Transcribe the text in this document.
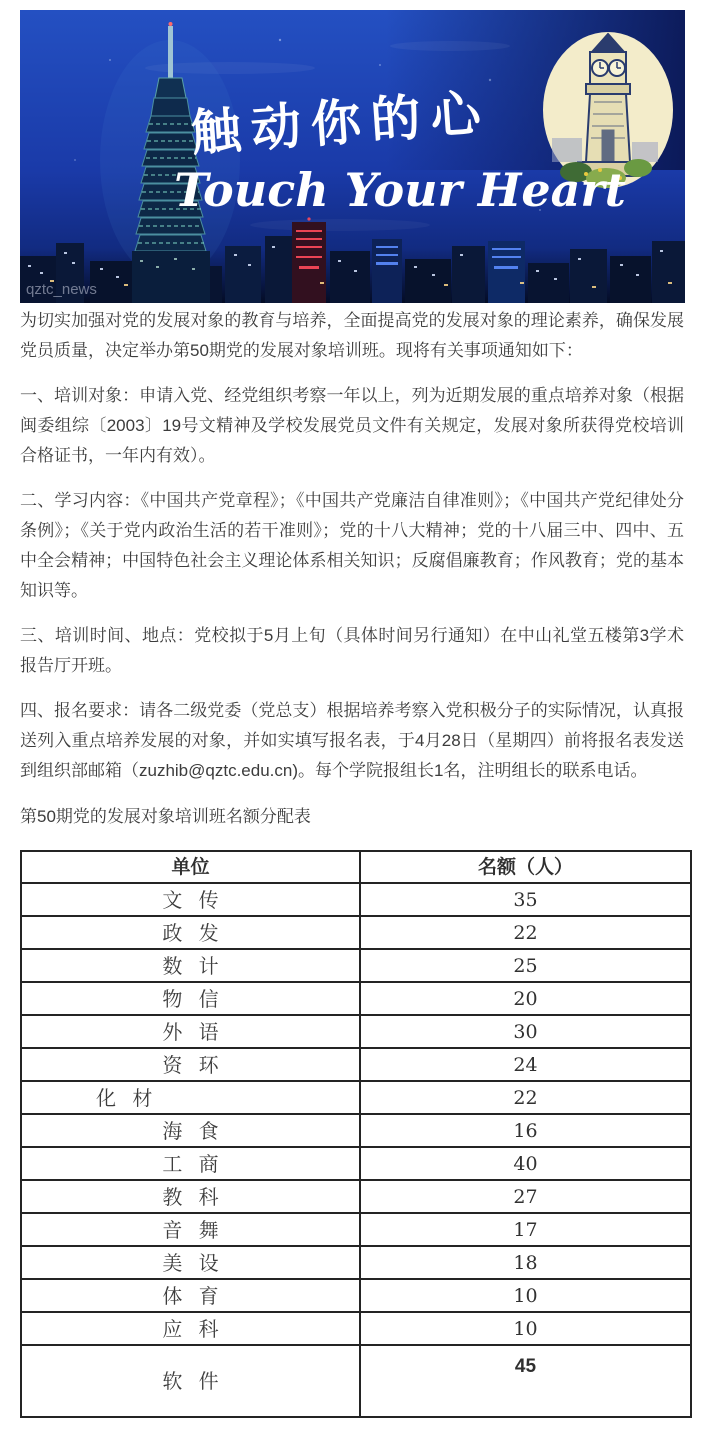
触动你的心
Touch Your Heart
qztc_news

为切实加强对党的发展对象的教育与培养，全面提高党的发展对象的理论素养，确保发展党员质量，决定举办第50期党的发展对象培训班。现将有关事项通知如下：

一、培训对象：申请入党、经党组织考察一年以上，列为近期发展的重点培养对象（根据闽委组综〔2003〕19号文精神及学校发展党员文件有关规定，发展对象所获得党校培训合格证书，一年内有效）。

二、学习内容：《中国共产党章程》；《中国共产党廉洁自律准则》；《中国共产党纪律处分条例》；《关于党内政治生活的若干准则》；党的十八大精神；党的十八届三中、四中、五中全会精神；中国特色社会主义理论体系相关知识；反腐倡廉教育；作风教育；党的基本知识等。

三、培训时间、地点：党校拟于5月上旬（具体时间另行通知）在中山礼堂五楼第3学术报告厅开班。

四、报名要求：请各二级党委（党总支）根据培养考察入党积极分子的实际情况，认真报送列入重点培养发展的对象，并如实填写报名表，于4月28日（星期四）前将报名表发送到组织部邮箱（zuzhib@qztc.edu.cn)。每个学院报组长1名，注明组长的联系电话。

第50期党的发展对象培训班名额分配表

单位	名额（人）
文 传	35
政 发	22
数 计	25
物 信	20
外 语	30
资 环	24
化 材	22
海 食	16
工 商	40
教 科	27
音 舞	17
美 设	18
体 育	10
应 科	10
软 件	45
